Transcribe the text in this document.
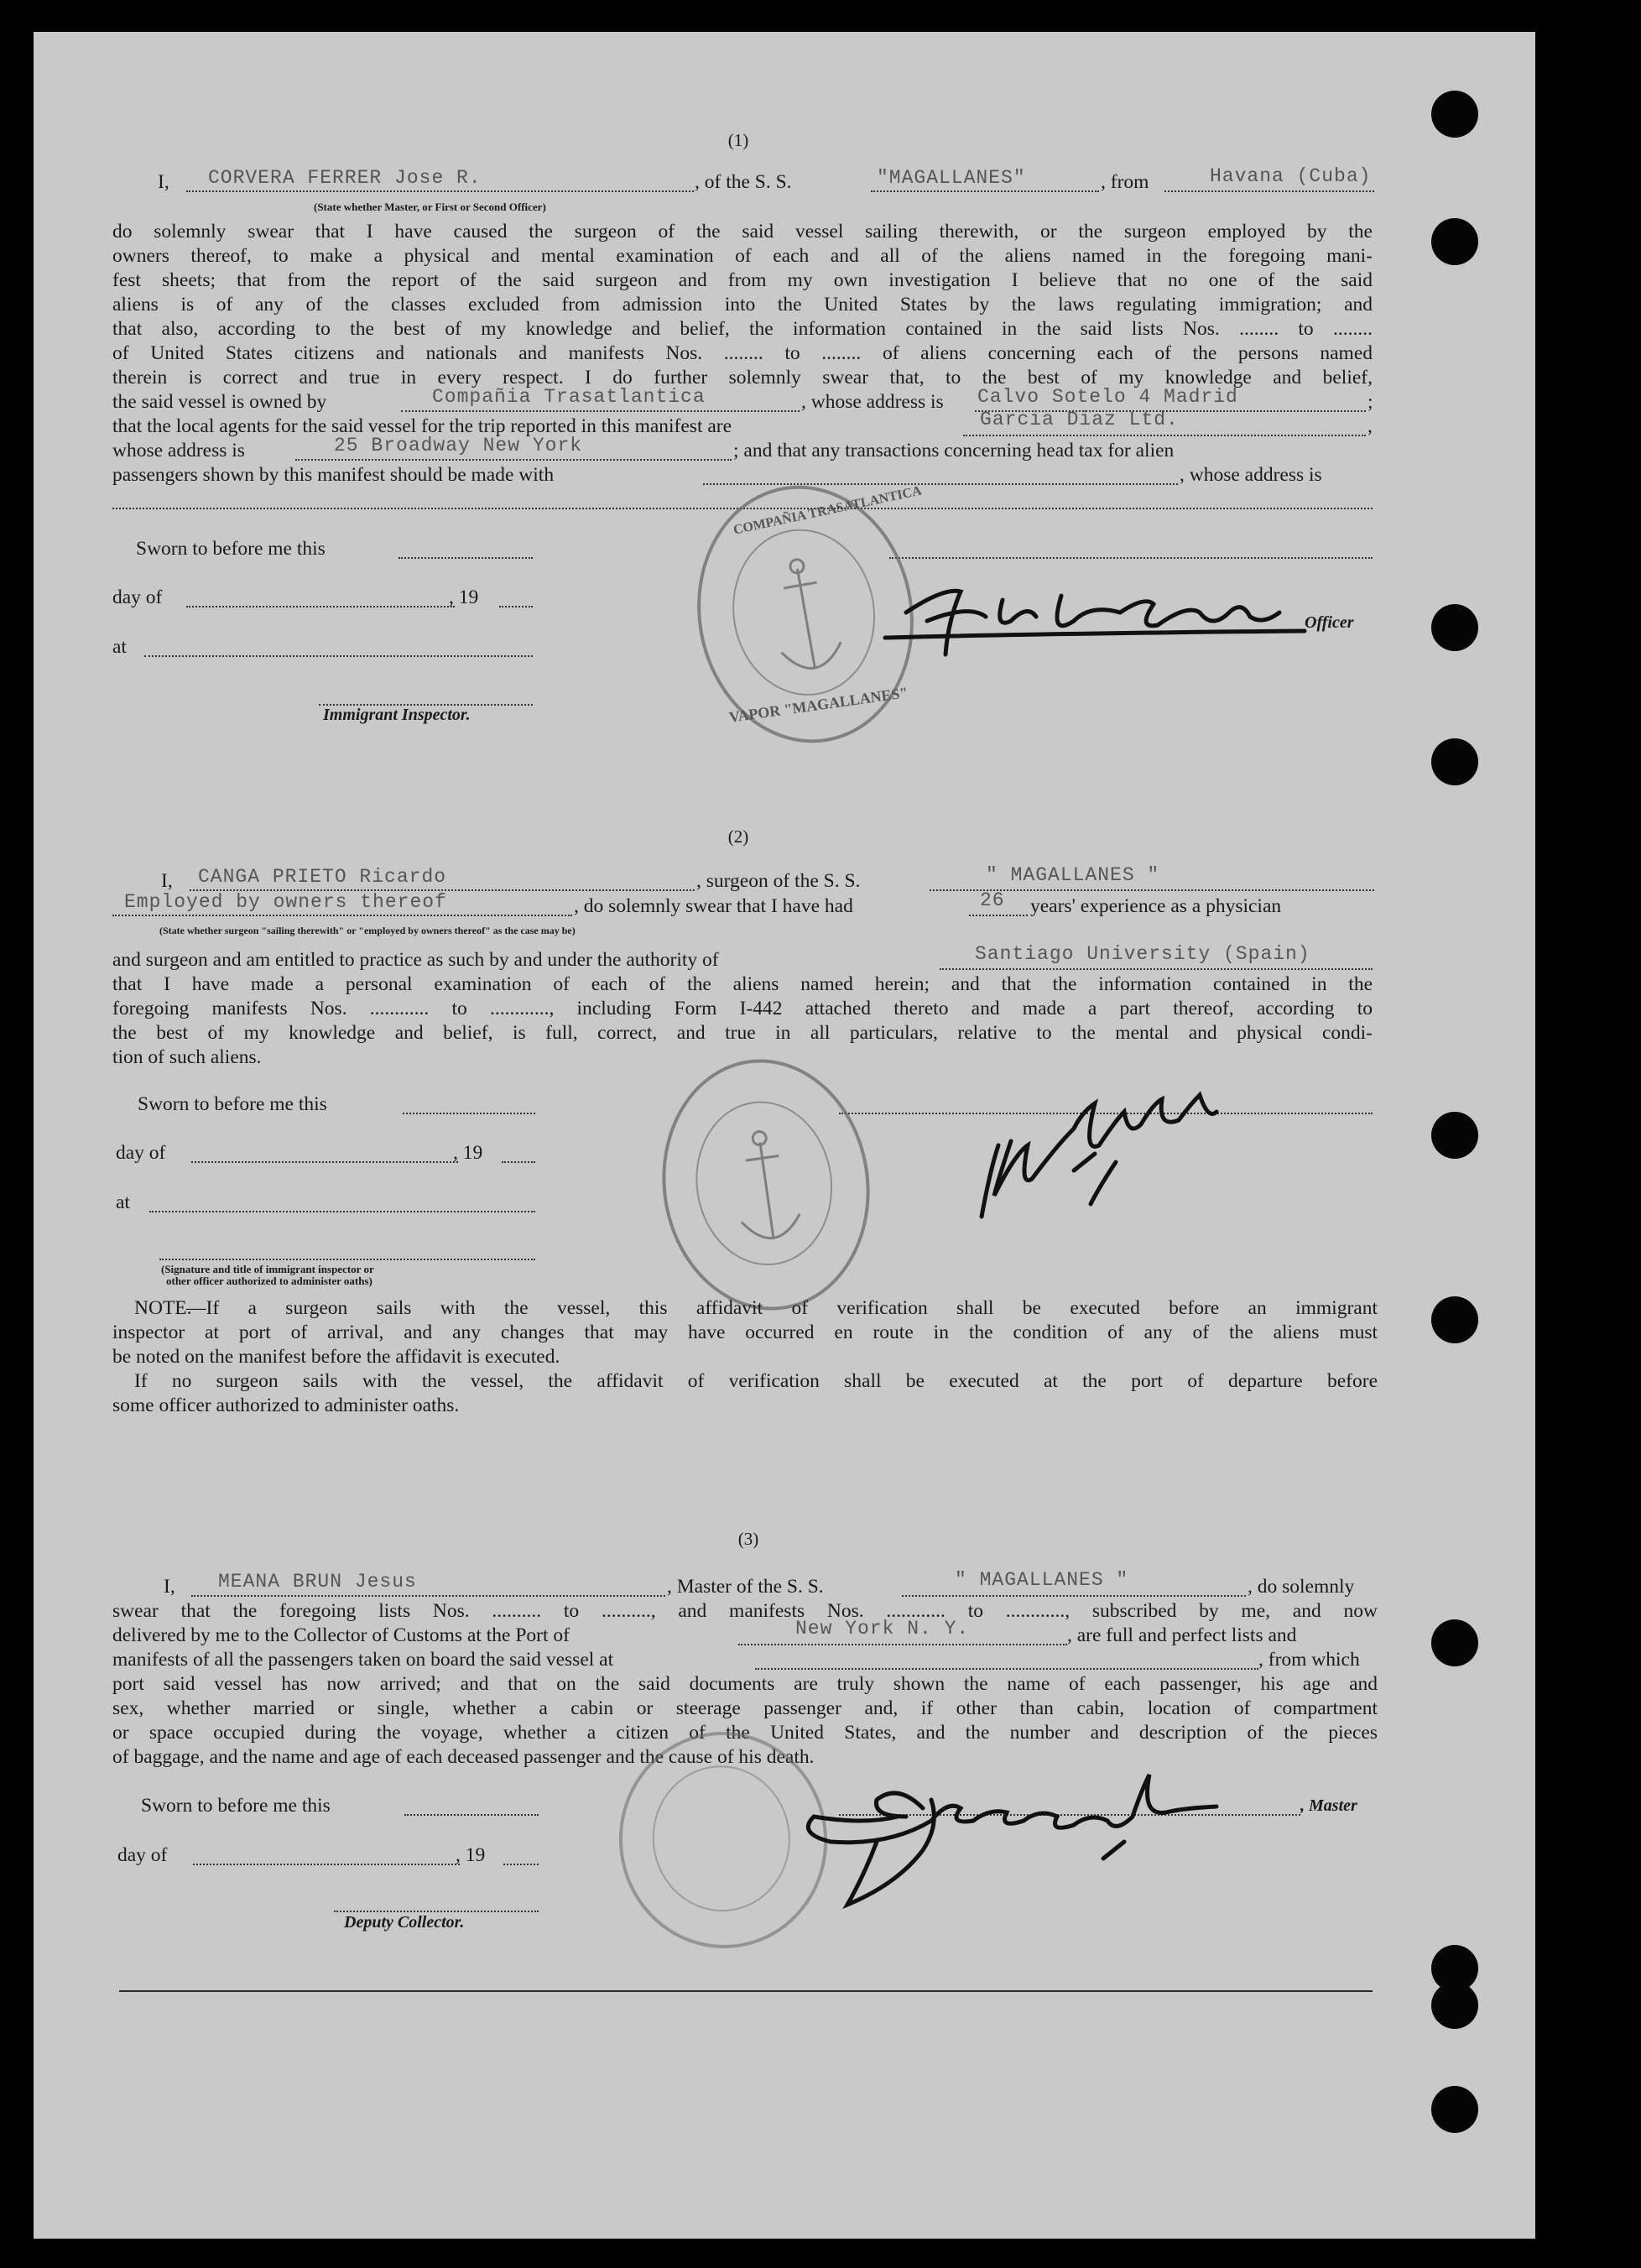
(1)
I, CORVERA FERRER Jose R.	, of the S. S.	"MAGALLANES"	, from	Havana (Cuba)
(State whether Master, or First or Second Officer)
do solemnly swear that I have caused the surgeon of the said vessel sailing therewith, or the surgeon employed by the
owners thereof, to make a physical and mental examination of each and all of the aliens named in the foregoing mani-
fest sheets; that from the report of the said surgeon and from my own investigation I believe that no one of the said
aliens is of any of the classes excluded from admission into the United States by the laws regulating immigration; and
that also, according to the best of my knowledge and belief, the information contained in the said lists Nos. ........ to ........
of United States citizens and nationals and manifests Nos. ........ to ........ of aliens concerning each of the persons named
therein is correct and true in every respect. I do further solemnly swear that, to the best of my knowledge and belief,
the said vessel is owned by	Compañia Trasatlantica	, whose address is Calvo Sotelo 4 Madrid	;
that the local agents for the said vessel for the trip reported in this manifest are	Garcia Diaz Ltd.	,
whose address is	25 Broadway New York	; and that any transactions concerning head tax for alien
passengers shown by this manifest should be made with	, whose address is
Sworn to before me this
day of	, 19
at
Immigrant Inspector.
Officer
COMPAÑIA TRASATLANTICA
VAPOR "MAGALLANES"
(2)
I, CANGA PRIETO Ricardo	, surgeon of the S. S.	" MAGALLANES "
Employed by owners thereof	, do solemnly swear that I have had	26 years' experience as a physician
(State whether surgeon "sailing therewith" or "employed by owners thereof" as the case may be)
and surgeon and am entitled to practice as such by and under the authority of	Santiago University (Spain)
that I have made a personal examination of each of the aliens named herein; and that the information contained in the
foregoing manifests Nos. ............ to ............, including Form I-442 attached thereto and made a part thereof, according to
the best of my knowledge and belief, is full, correct, and true in all particulars, relative to the mental and physical condi-
tion of such aliens.
Sworn to before me this
day of	, 19
at
(Signature and title of immigrant inspector or
other officer authorized to administer oaths)
NOTE.
—If a surgeon sails with the vessel, this affidavit of verification shall be executed before an immigrant
inspector at port of arrival, and any changes that may have occurred en route in the condition of any of the aliens must
be noted on the manifest before the affidavit is executed.
If no surgeon sails with the vessel, the affidavit of verification shall be executed at the port of departure before
some officer authorized to administer oaths.
(3)
I, MEANA BRUN Jesus	, Master of the S. S.	" MAGALLANES "	, do solemnly
swear that the foregoing lists Nos. .......... to .........., and manifests Nos. ............ to ............, subscribed by me, and now
delivered by me to the Collector of Customs at the Port of	New York N. Y.	, are full and perfect lists and
manifests of all the passengers taken on board the said vessel at	, from which
port said vessel has now arrived; and that on the said documents are truly shown the name of each passenger, his age and
sex, whether married or single, whether a cabin or steerage passenger and, if other than cabin, location of compartment
or space occupied during the voyage, whether a citizen of the United States, and the number and description of the pieces
of baggage, and the name and age of each deceased passenger and the cause of his death.
Sworn to before me this	, Master
day of	, 19
Deputy Collector.
